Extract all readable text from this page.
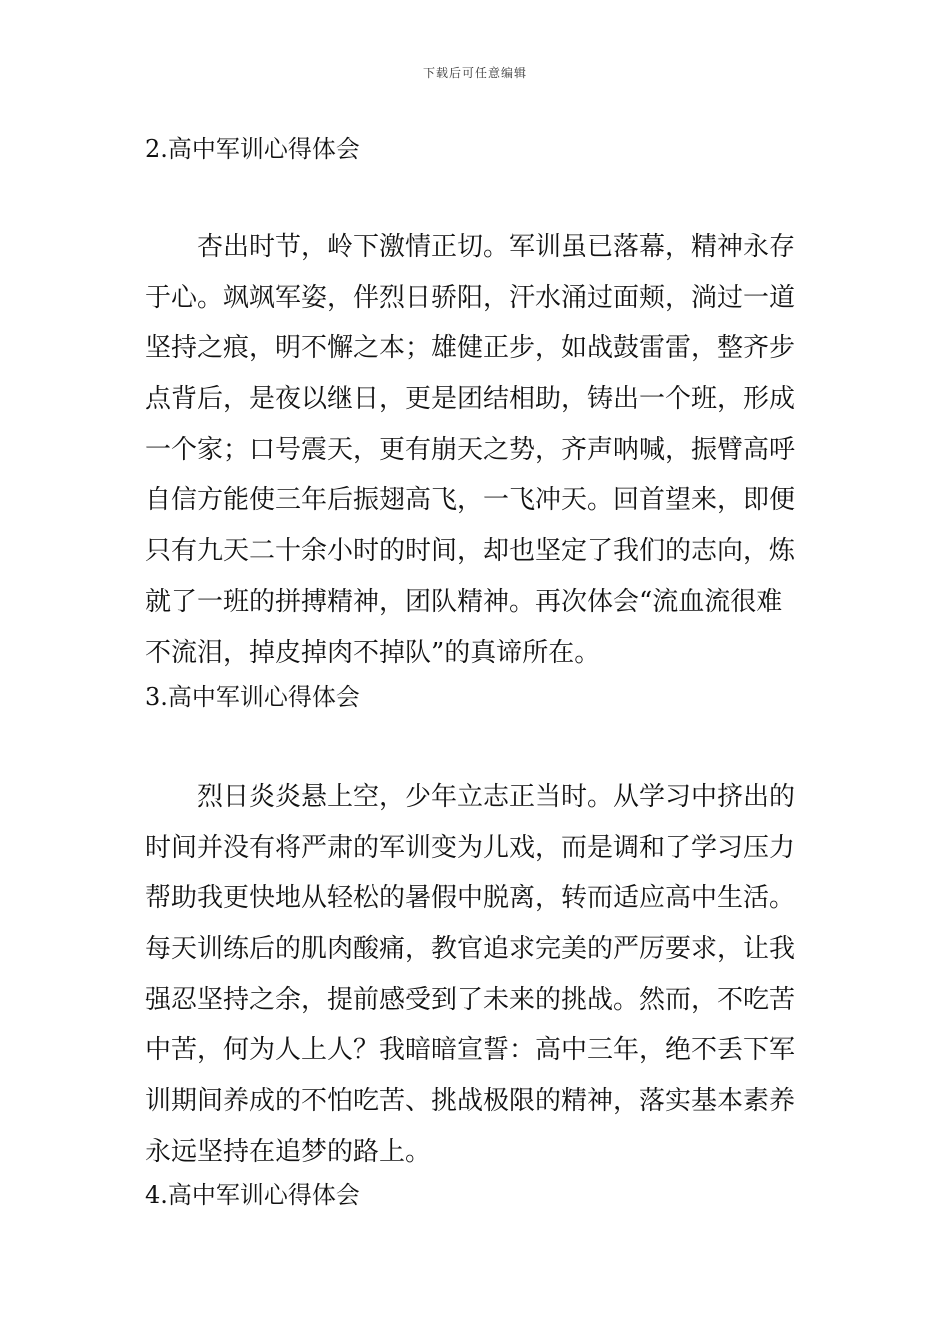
下载后可任意编辑
2.高中军训心得体会
杏出时节，岭下激情正切。军训虽已落幕，精神永存
于心。飒飒军姿，伴烈日骄阳，汗水涌过面颊，淌过一道
坚持之痕，明不懈之本；雄健正步，如战鼓雷雷，整齐步
点背后，是夜以继日，更是团结相助，铸出一个班，形成
一个家；口号震天，更有崩天之势，齐声呐喊，振臂高呼
自信方能使三年后振翅高飞，一飞冲天。回首望来，即便
只有九天二十余小时的时间，却也坚定了我们的志向，炼
就了一班的拼搏精神，团队精神。再次体会“流血流很难
不流泪，掉皮掉肉不掉队”的真谛所在。
3.高中军训心得体会
烈日炎炎悬上空，少年立志正当时。从学习中挤出的
时间并没有将严肃的军训变为儿戏，而是调和了学习压力
帮助我更快地从轻松的暑假中脱离，转而适应高中生活。
每天训练后的肌肉酸痛，教官追求完美的严厉要求，让我
强忍坚持之余，提前感受到了未来的挑战。然而，不吃苦
中苦，何为人上人？我暗暗宣誓：高中三年，绝不丢下军
训期间养成的不怕吃苦、挑战极限的精神，落实基本素养
永远坚持在追梦的路上。
4.高中军训心得体会
